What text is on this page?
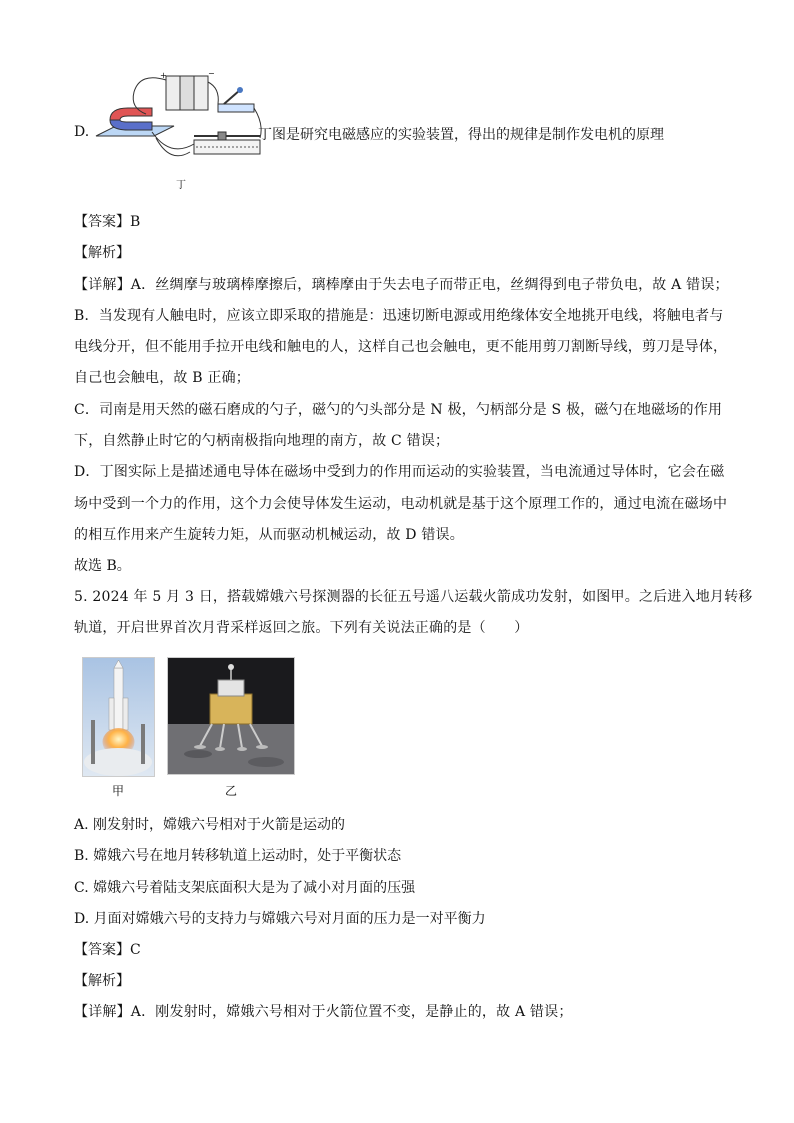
D.
+	−
丁
丁图是研究电磁感应的实验装置，得出的规律是制作发电机的原理
【答案】B
【解析】
【详解】A．丝绸摩与玻璃棒摩擦后，璃棒摩由于失去电子而带正电，丝绸得到电子带负电，故 A 错误；
B．当发现有人触电时，应该立即采取的措施是：迅速切断电源或用绝缘体安全地挑开电线，将触电者与
电线分开，但不能用手拉开电线和触电的人，这样自己也会触电，更不能用剪刀割断导线，剪刀是导体，
自己也会触电，故 B 正确；
C．司南是用天然的磁石磨成的勺子，磁勺的勺头部分是 N 极，勺柄部分是 S 极，磁勺在地磁场的作用
下，自然静止时它的勺柄南极指向地理的南方，故 C 错误；
D．丁图实际上是描述通电导体在磁场中受到力的作用而运动的实验装置，当电流通过导体时，它会在磁
场中受到一个力的作用，这个力会使导体发生运动，电动机就是基于这个原理工作的，通过电流在磁场中
的相互作用来产生旋转力矩，从而驱动机械运动，故 D 错误。
故选 B。
5. 2024 年 5 月 3 日，搭载嫦娥六号探测器的长征五号遥八运载火箭成功发射，如图甲。之后进入地月转移
轨道，开启世界首次月背采样返回之旅。下列有关说法正确的是（　　）
甲	乙
A. 刚发射时，嫦娥六号相对于火箭是运动的
B. 嫦娥六号在地月转移轨道上运动时，处于平衡状态
C. 嫦娥六号着陆支架底面积大是为了减小对月面的压强
D. 月面对嫦娥六号的支持力与嫦娥六号对月面的压力是一对平衡力
【答案】C
【解析】
【详解】A．刚发射时，嫦娥六号相对于火箭位置不变，是静止的，故 A 错误；
